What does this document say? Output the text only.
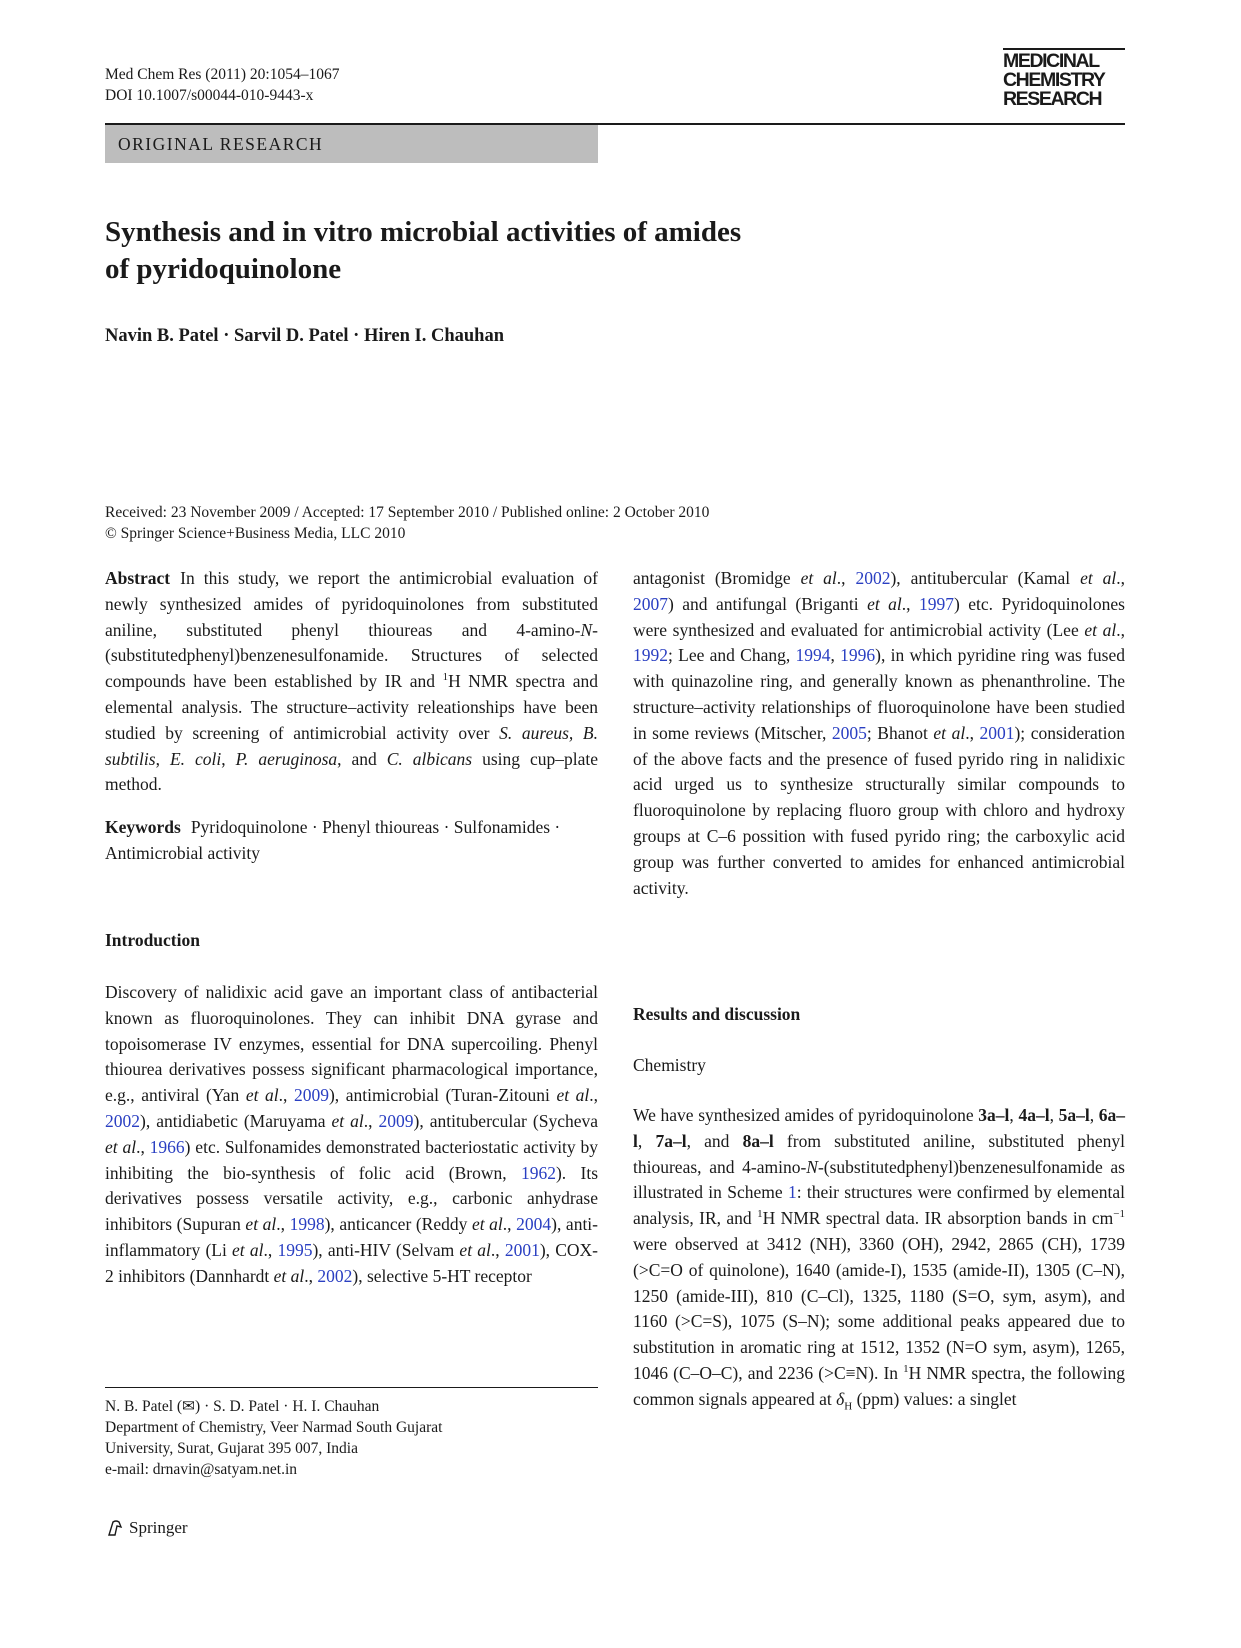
Med Chem Res (2011) 20:1054–1067
DOI 10.1007/s00044-010-9443-x
MEDICINAL
CHEMISTRY
RESEARCH
ORIGINAL RESEARCH
Synthesis and in vitro microbial activities of amides
of pyridoquinolone
Navin B. Patel · Sarvil D. Patel · Hiren I. Chauhan
Received: 23 November 2009 / Accepted: 17 September 2010 / Published online: 2 October 2010
© Springer Science+Business Media, LLC 2010

Abstract In this study, we report the antimicrobial evaluation of newly synthesized amides of pyridoquinolones from substituted aniline, substituted phenyl thioureas and 4-amino-N-(substitutedphenyl)benzenesulfonamide. Structures of selected compounds have been established by IR and $^1$H NMR spectra and elemental analysis. The structure–activity releationships have been studied by screening of antimicrobial activity over S. aureus, B. subtilis, E. coli, P. aeruginosa, and C. albicans using cup–plate method.

Keywords Pyridoquinolone · Phenyl thioureas · Sulfonamides · Antimicrobial activity

Introduction

Discovery of nalidixic acid gave an important class of antibacterial known as fluoroquinolones. They can inhibit DNA gyrase and topoisomerase IV enzymes, essential for DNA supercoiling. Phenyl thiourea derivatives possess significant pharmacological importance, e.g., antiviral (Yan et al., 2009), antimicrobial (Turan-Zitouni et al., 2002), antidiabetic (Maruyama et al., 2009), antitubercular (Sycheva et al., 1966) etc. Sulfonamides demonstrated bacteriostatic activity by inhibiting the bio-synthesis of folic acid (Brown, 1962). Its derivatives possess versatile activity, e.g., carbonic anhydrase inhibitors (Supuran et al., 1998), anticancer (Reddy et al., 2004), anti-inflammatory (Li et al., 1995), anti-HIV (Selvam et al., 2001), COX-2 inhibitors (Dannhardt et al., 2002), selective 5-HT receptor

N. B. Patel (✉) · S. D. Patel · H. I. Chauhan
Department of Chemistry, Veer Narmad South Gujarat
University, Surat, Gujarat 395 007, India
e-mail: drnavin@satyam.net.in
Springer

antagonist (Bromidge et al., 2002), antitubercular (Kamal et al., 2007) and antifungal (Briganti et al., 1997) etc. Pyridoquinolones were synthesized and evaluated for antimicrobial activity (Lee et al., 1992; Lee and Chang, 1994, 1996), in which pyridine ring was fused with quinazoline ring, and generally known as phenanthroline. The structure–activity relationships of fluoroquinolone have been studied in some reviews (Mitscher, 2005; Bhanot et al., 2001); consideration of the above facts and the presence of fused pyrido ring in nalidixic acid urged us to synthesize structurally similar compounds to fluoroquinolone by replacing fluoro group with chloro and hydroxy groups at C–6 possition with fused pyrido ring; the carboxylic acid group was further converted to amides for enhanced antimicrobial activity.

Results and discussion
Chemistry

We have synthesized amides of pyridoquinolone 3a–l, 4a–l, 5a–l, 6a–l, 7a–l, and 8a–l from substituted aniline, substituted phenyl thioureas, and 4-amino-N-(substitutedphenyl)benzenesulfonamide as illustrated in Scheme 1: their structures were confirmed by elemental analysis, IR, and $^1$H NMR spectral data. IR absorption bands in $cm^{-1}$ were observed at 3412 (NH), 3360 (OH), 2942, 2865 (CH), 1739 (>C=O of quinolone), 1640 (amide-I), 1535 (amide-II), 1305 (C–N), 1250 (amide-III), 810 (C–Cl), 1325, 1180 (S=O, sym, asym), and 1160 (>C=S), 1075 (S–N); some additional peaks appeared due to substitution in aromatic ring at 1512, 1352 (N=O sym, asym), 1265, 1046 (C–O–C), and 2236 (>C≡N). In $^1$H NMR spectra, the following common signals appeared at $\delta_H$ (ppm) values: a singlet
